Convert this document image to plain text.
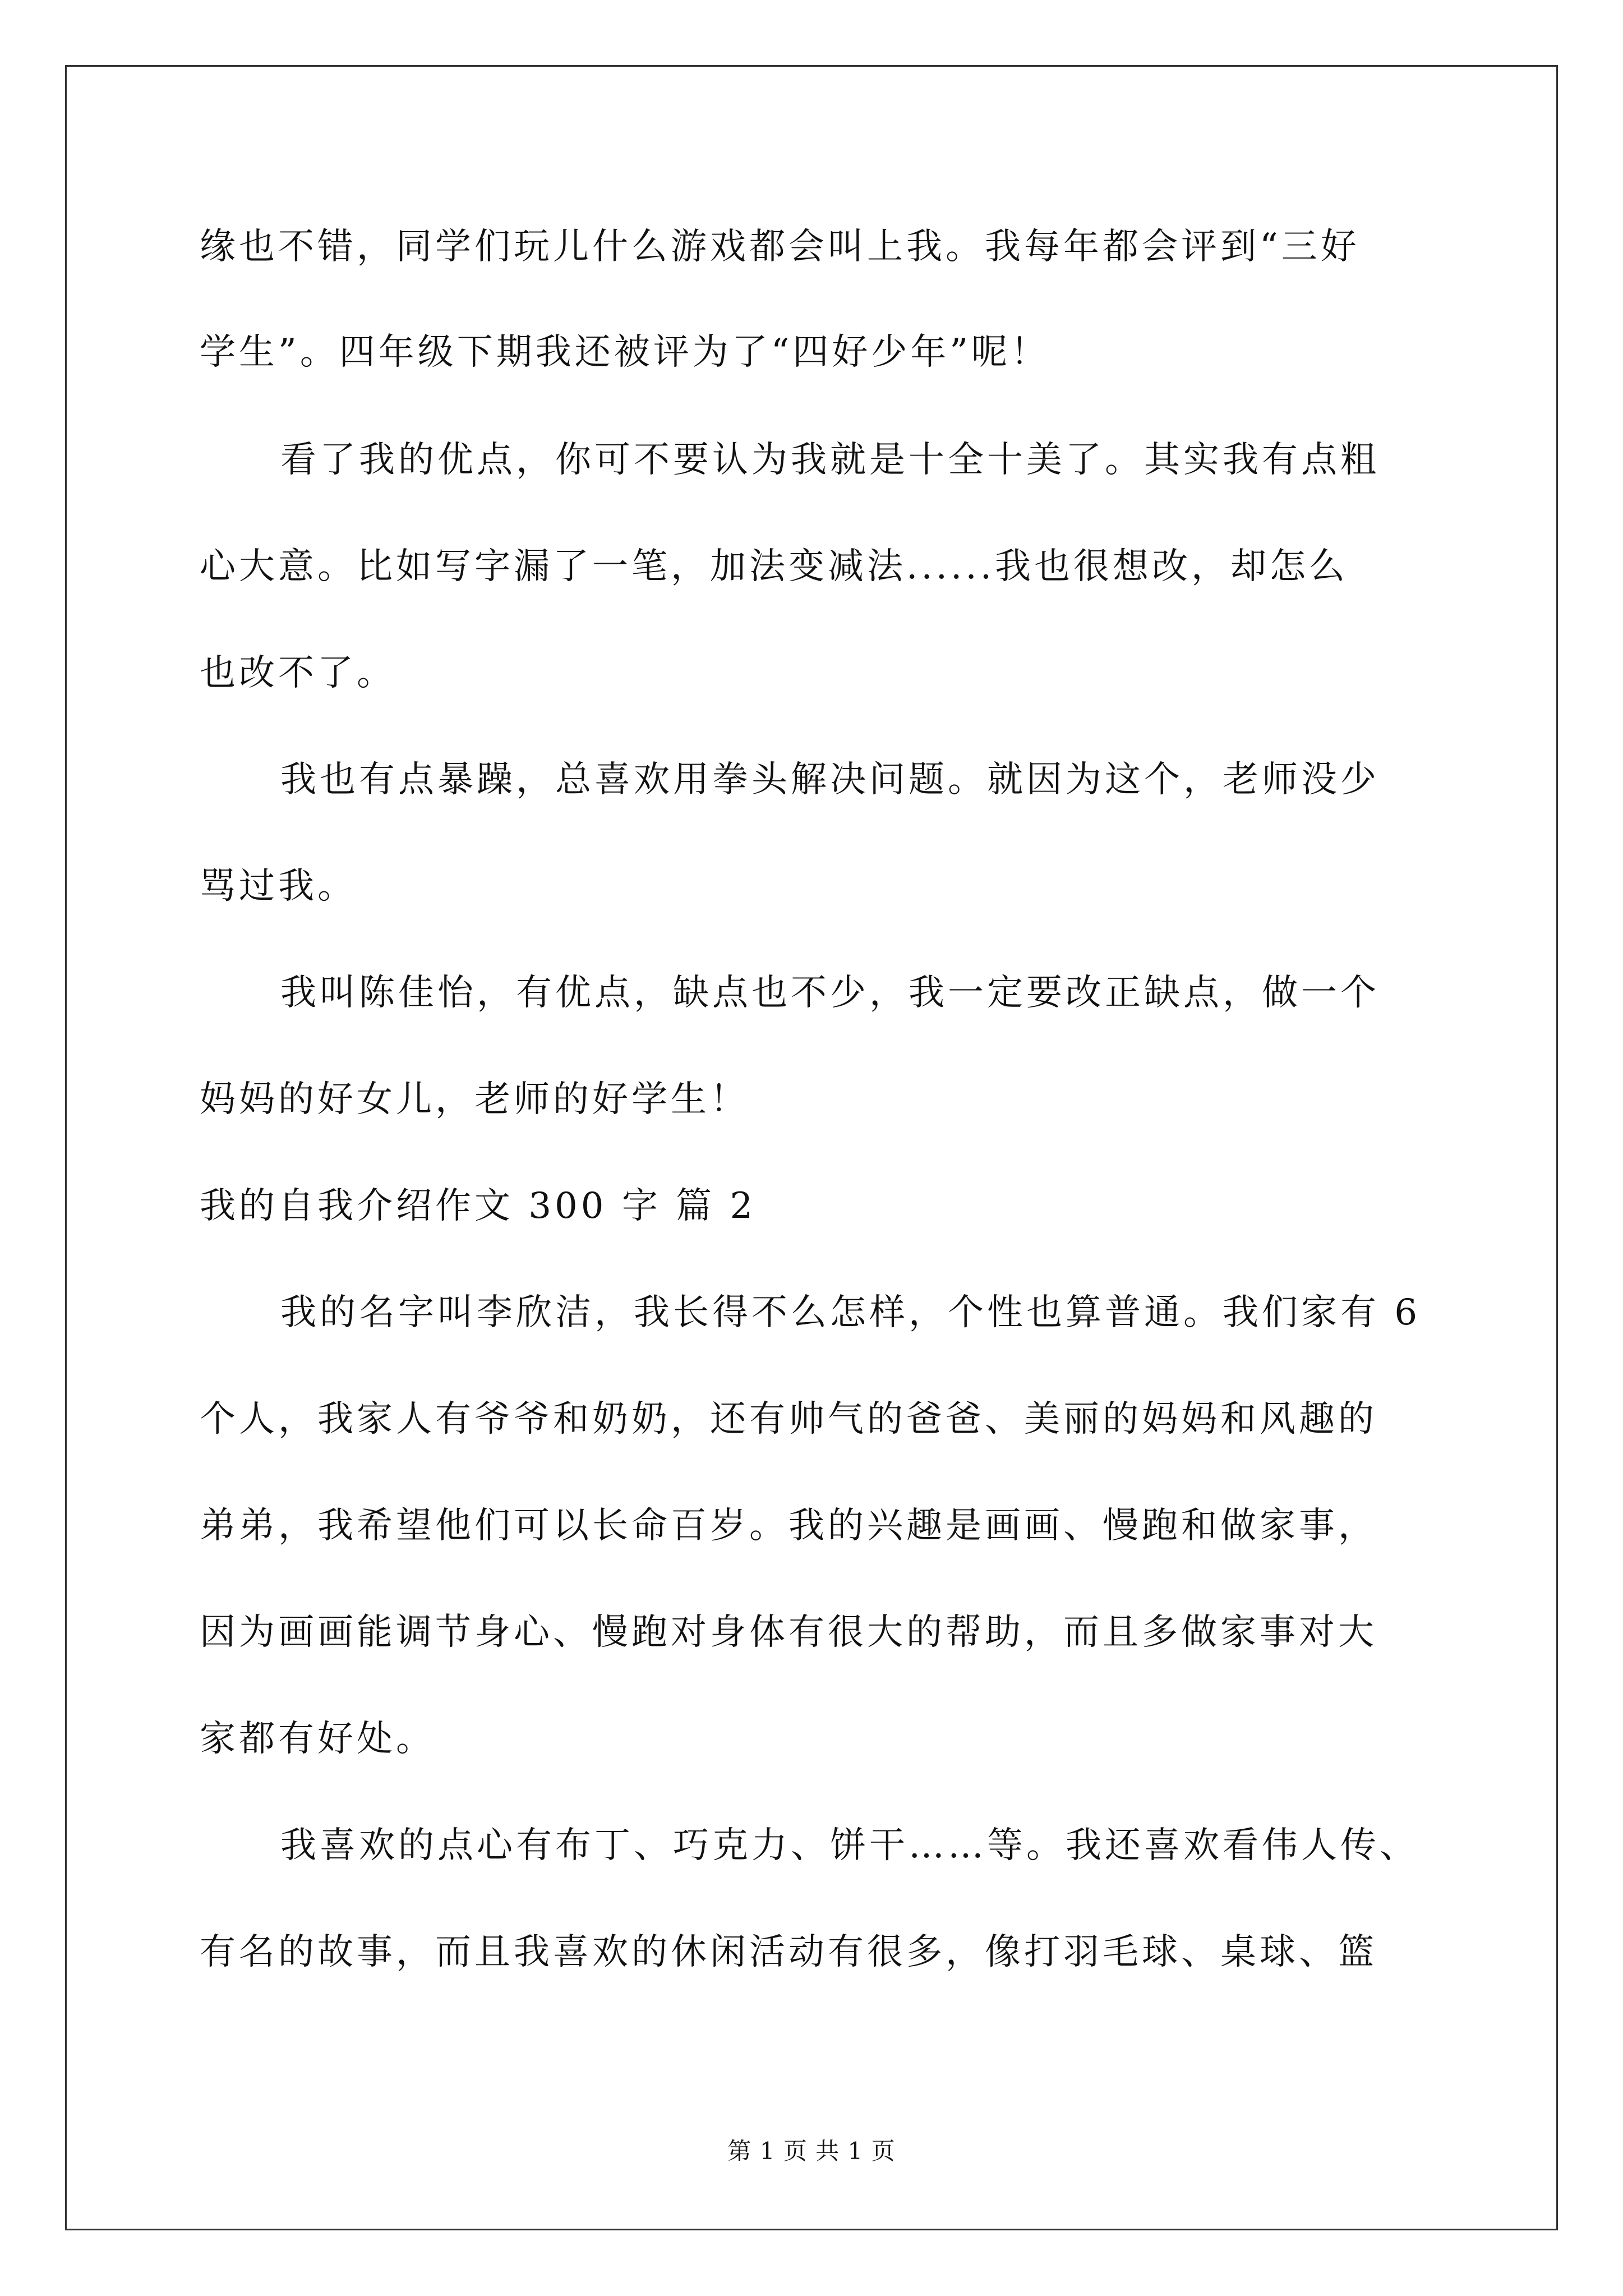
缘也不错，同学们玩儿什么游戏都会叫上我。我每年都会评到“三好
学生”。四年级下期我还被评为了“四好少年”呢！
看了我的优点，你可不要认为我就是十全十美了。其实我有点粗
心大意。比如写字漏了一笔，加法变减法......我也很想改，却怎么
也改不了。
我也有点暴躁，总喜欢用拳头解决问题。就因为这个，老师没少
骂过我。
我叫陈佳怡，有优点，缺点也不少，我一定要改正缺点，做一个
妈妈的好女儿，老师的好学生！
我的自我介绍作文 300 字 篇 2
我的名字叫李欣洁，我长得不么怎样，个性也算普通。我们家有 6
个人，我家人有爷爷和奶奶，还有帅气的爸爸、美丽的妈妈和风趣的
弟弟，我希望他们可以长命百岁。我的兴趣是画画、慢跑和做家事，
因为画画能调节身心、慢跑对身体有很大的帮助，而且多做家事对大
家都有好处。
我喜欢的点心有布丁、巧克力、饼干……等。我还喜欢看伟人传、
有名的故事，而且我喜欢的休闲活动有很多，像打羽毛球、桌球、篮
第 1 页 共 1 页
